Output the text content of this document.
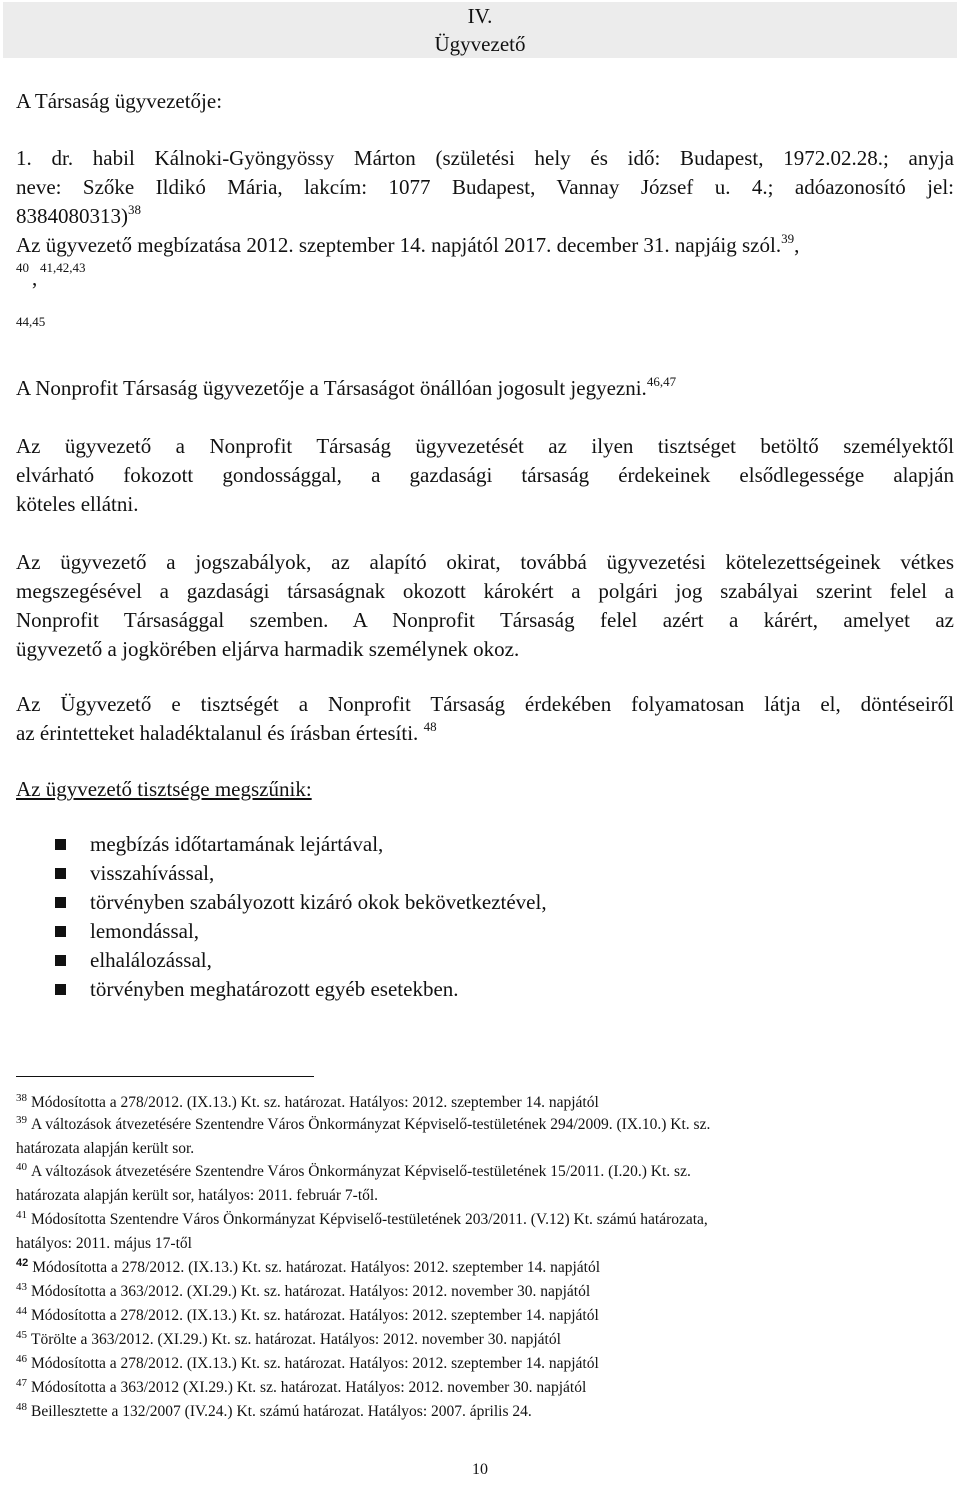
IV.
Ügyvezető
A Társaság ügyvezetője:
1. dr. habil Kálnoki-Gyöngyössy Márton (születési hely és idő: Budapest, 1972.02.28.; anyja
neve: Szőke Ildikó Mária, lakcím: 1077 Budapest, Vannay József u. 4.; adóazonosító jel:
8384080313)$^{38}$
Az ügyvezető megbízatása 2012. szeptember 14. napjától 2017. december 31. napjáig szól.$^{39}$,
40 41,42,43
,
44,45
A Nonprofit Társaság ügyvezetője a Társaságot önállóan jogosult jegyezni.$^{46,47}$
Az ügyvezető a Nonprofit Társaság ügyvezetését az ilyen tisztséget betöltő személyektől
elvárható fokozott gondossággal, a gazdasági társaság érdekeinek elsődlegessége alapján
köteles ellátni.
Az ügyvezető a jogszabályok, az alapító okirat, továbbá ügyvezetési kötelezettségeinek vétkes
megszegésével a gazdasági társaságnak okozott károkért a polgári jog szabályai szerint felel a
Nonprofit Társasággal szemben. A Nonprofit Társaság felel azért a kárért, amelyet az
ügyvezető a jogkörében eljárva harmadik személynek okoz.
Az Ügyvezető e tisztségét a Nonprofit Társaság érdekében folyamatosan látja el, döntéseiről
az érintetteket haladéktalanul és írásban értesíti. $^{48}$
Az ügyvezető tisztsége megszűnik:
megbízás időtartamának lejártával,
visszahívással,
törvényben szabályozott kizáró okok bekövetkeztével,
lemondással,
elhalálozással,
törvényben meghatározott egyéb esetekben.
$^{38}$ Módosította a 278/2012. (IX.13.) Kt. sz. határozat. Hatályos: 2012. szeptember 14. napjától
$^{39}$ A változások átvezetésére Szentendre Város Önkormányzat Képviselő-testületének 294/2009. (IX.10.) Kt. sz.
határozata alapján került sor.
$^{40}$ A változások átvezetésére Szentendre Város Önkormányzat Képviselő-testületének 15/2011. (I.20.) Kt. sz.
határozata alapján került sor, hatályos: 2011. február 7-től.
$^{41}$ Módosította Szentendre Város Önkormányzat Képviselő-testületének 203/2011. (V.12) Kt. számú határozata,
hatályos: 2011. május 17-től
$^{42}$ Módosította a 278/2012. (IX.13.) Kt. sz. határozat. Hatályos: 2012. szeptember 14. napjától
$^{43}$ Módosította a 363/2012. (XI.29.) Kt. sz. határozat. Hatályos: 2012. november 30. napjától
$^{44}$ Módosította a 278/2012. (IX.13.) Kt. sz. határozat. Hatályos: 2012. szeptember 14. napjától
$^{45}$ Törölte a 363/2012. (XI.29.) Kt. sz. határozat. Hatályos: 2012. november 30. napjától
$^{46}$ Módosította a 278/2012. (IX.13.) Kt. sz. határozat. Hatályos: 2012. szeptember 14. napjától
$^{47}$ Módosította a 363/2012 (XI.29.) Kt. sz. határozat. Hatályos: 2012. november 30. napjától
$^{48}$ Beillesztette a 132/2007 (IV.24.) Kt. számú határozat. Hatályos: 2007. április 24.
10
